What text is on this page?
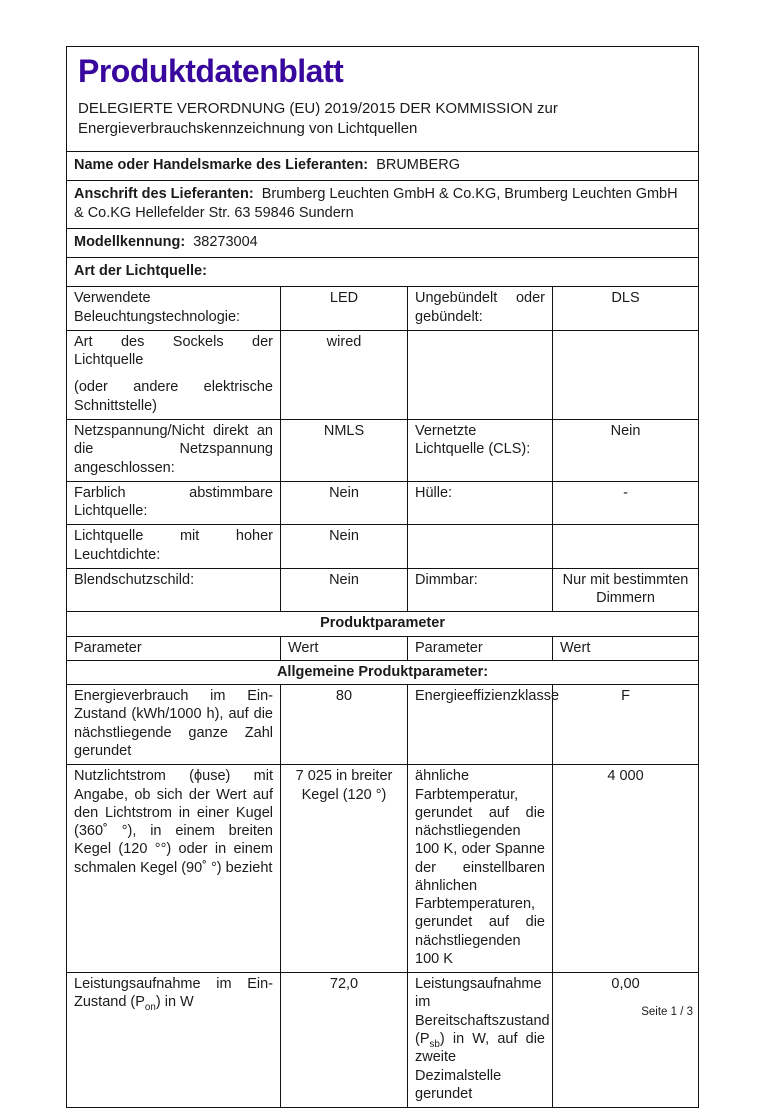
Produktdatenblatt

DELEGIERTE VERORDNUNG (EU) 2019/2015 DER KOMMISSION zur Energieverbrauchskennzeichnung von Lichtquellen

Name oder Handelsmarke des Lieferanten:  BRUMBERG			
Anschrift des Lieferanten:  Brumberg Leuchten GmbH & Co.KG, Brumberg Leuchten GmbH & Co.KG Hellefelder Str. 63 59846 Sundern			
Modellkennung:  38273004			
Art der Lichtquelle:			

Verwendete Beleuchtungstechnologie:	LED	Ungebündelt oder gebündelt:	DLS

Art des Sockels der Lichtquelle
(oder andere elektrische Schnittstelle)	wired		

Netzspannung/Nicht direkt an die Netzspannung angeschlossen:	NMLS	Vernetzte Lichtquelle (CLS):	Nein

Farblich abstimmbare Lichtquelle:	Nein	Hülle:	-

Lichtquelle mit hoher Leuchtdichte:	Nein		

Blendschutzschild:	Nein	Dimmbar:	Nur mit bestimmten Dimmern
Produktparameter			
Parameter	Wert	Parameter	Wert
Allgemeine Produktparameter:			

Energieverbrauch im Ein-Zustand (kWh/1000 h), auf die nächstliegende ganze Zahl gerundet	80	Energieeffizienzklasse	F

Nutzlichtstrom (ϕuse) mit Angabe, ob sich der Wert auf den Lichtstrom in einer Kugel (360˚ °), in einem breiten Kegel (120 °°) oder in einem schmalen Kegel (90˚ °) bezieht	7 025 in breiter Kegel (120 °)	ähnliche Farbtemperatur, gerundet auf die nächstliegenden 100 K, oder Spanne der einstellbaren ähnlichen Farbtemperaturen, gerundet auf die nächstliegenden 100 K	4 000

Leistungsaufnahme im Ein-Zustand $(P_{on})$ in W	72,0	Leistungsaufnahme im Bereitschaftszustand $(P_{sb})$ in W, auf die zweite Dezimalstelle gerundet	0,00
Seite 1 / 3
